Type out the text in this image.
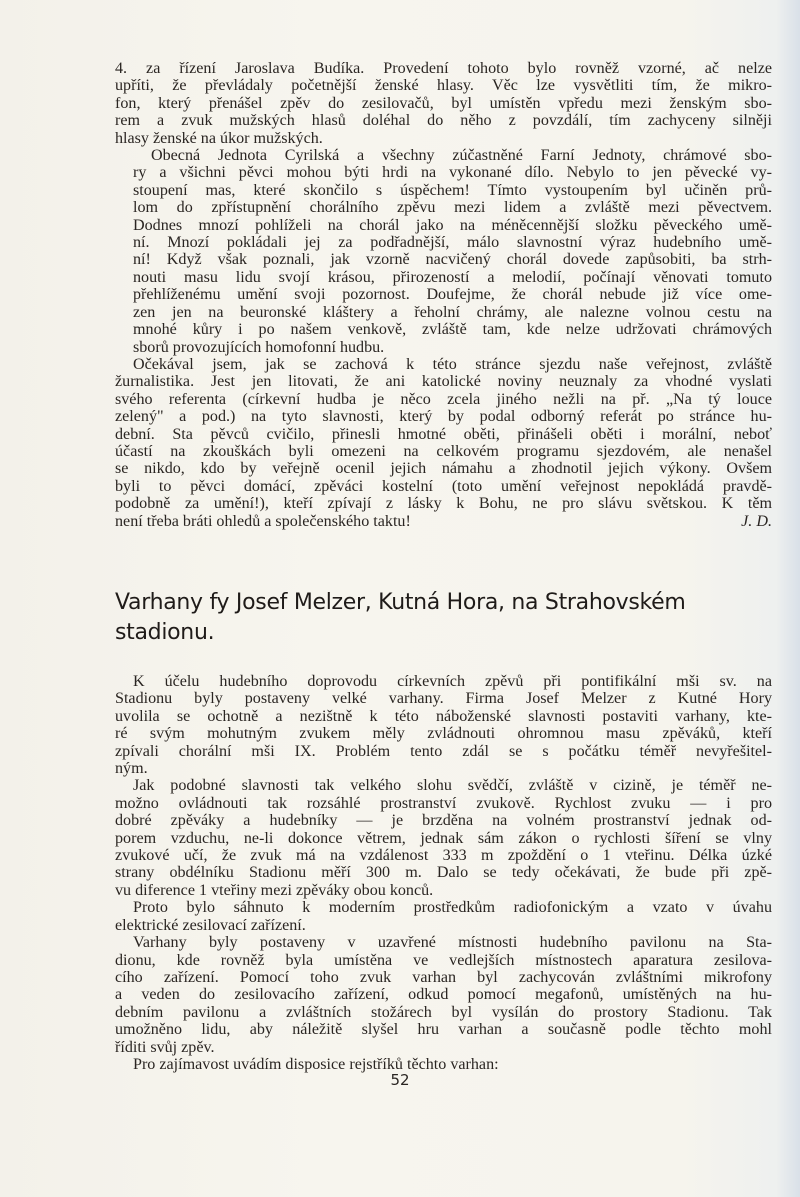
4. za řízení Jaroslava Budíka. Provedení tohoto bylo rovněž vzorné, ač nelze
upříti, že převládaly početnější ženské hlasy. Věc lze vysvětliti tím, že mikro-
fon, který přenášel zpěv do zesilovačů, byl umístěn vpředu mezi ženským sbo-
rem a zvuk mužských hlasů doléhal do něho z povzdálí, tím zachyceny silněji
hlasy ženské na úkor mužských.

Obecná Jednota Cyrilská a všechny zúčastněné Farní Jednoty, chrámové sbo-
ry a všichni pěvci mohou býti hrdi na vykonané dílo. Nebylo to jen pěvecké vy-
stoupení mas, které skončilo s úspěchem! Tímto vystoupením byl učiněn prů-
lom do zpřístupnění chorálního zpěvu mezi lidem a zvláště mezi pěvectvem.
Dodnes mnozí pohlíželi na chorál jako na méněcennější složku pěveckého umě-
ní. Mnozí pokládali jej za podřadnější, málo slavnostní výraz hudebního umě-
ní! Když však poznali, jak vzorně nacvičený chorál dovede zapůsobiti, ba strh-
nouti masu lidu svojí krásou, přirozeností a melodií, počínají věnovati tomuto
přehlíženému umění svoji pozornost. Doufejme, že chorál nebude již více ome-
zen jen na beuronské kláštery a řeholní chrámy, ale nalezne volnou cestu na
mnohé kůry i po našem venkově, zvláště tam, kde nelze udržovati chrámových
sborů provozujících homofonní hudbu.

Očekával jsem, jak se zachová k této stránce sjezdu naše veřejnost, zvláště
žurnalistika. Jest jen litovati, že ani katolické noviny neuznaly za vhodné vyslati
svého referenta (církevní hudba je něco zcela jiného nežli na př. „Na tý louce
zelený" a pod.) na tyto slavnosti, který by podal odborný referát po stránce hu-
dební. Sta pěvců cvičilo, přinesli hmotné oběti, přinášeli oběti i morální, neboť
účastí na zkouškách byli omezeni na celkovém programu sjezdovém, ale nenašel
se nikdo, kdo by veřejně ocenil jejich námahu a zhodnotil jejich výkony. Ovšem
byli to pěvci domácí, zpěváci kostelní (toto umění veřejnost nepokládá pravdě-
podobně za umění!), kteří zpívají z lásky k Bohu, ne pro slávu světskou. K těm
není třeba bráti ohledů a společenského taktu!	J. D.

Varhany fy Josef Melzer, Kutná Hora, na Strahovském stadionu.

K účelu hudebního doprovodu církevních zpěvů při pontifikální mši sv. na
Stadionu byly postaveny velké varhany. Firma Josef Melzer z Kutné Hory
uvolila se ochotně a nezištně k této náboženské slavnosti postaviti varhany, kte-
ré svým mohutným zvukem měly zvládnouti ohromnou masu zpěváků, kteří
zpívali chorální mši IX. Problém tento zdál se s počátku téměř nevyřešitel-
ným.

Jak podobné slavnosti tak velkého slohu svědčí, zvláště v cizině, je téměř ne-
možno ovládnouti tak rozsáhlé prostranství zvukově. Rychlost zvuku — i pro
dobré zpěváky a hudebníky — je brzděna na volném prostranství jednak od-
porem vzduchu, ne-li dokonce větrem, jednak sám zákon o rychlosti šíření se vlny
zvukové učí, že zvuk má na vzdálenost 333 m zpoždění o 1 vteřinu. Délka úzké
strany obdélníku Stadionu měří 300 m. Dalo se tedy očekávati, že bude při zpě-
vu diference 1 vteřiny mezi zpěváky obou konců.

Proto bylo sáhnuto k moderním prostředkům radiofonickým a vzato v úvahu
elektrické zesilovací zařízení.

Varhany byly postaveny v uzavřené místnosti hudebního pavilonu na Sta-
dionu, kde rovněž byla umístěna ve vedlejších místnostech aparatura zesilova-
cího zařízení. Pomocí toho zvuk varhan byl zachycován zvláštními mikrofony
a veden do zesilovacího zařízení, odkud pomocí megafonů, umístěných na hu-
debním pavilonu a zvláštních stožárech byl vysílán do prostory Stadionu. Tak
umožněno lidu, aby náležitě slyšel hru varhan a současně podle těchto mohl
říditi svůj zpěv.

Pro zajímavost uvádím disposice rejstříků těchto varhan:

52
